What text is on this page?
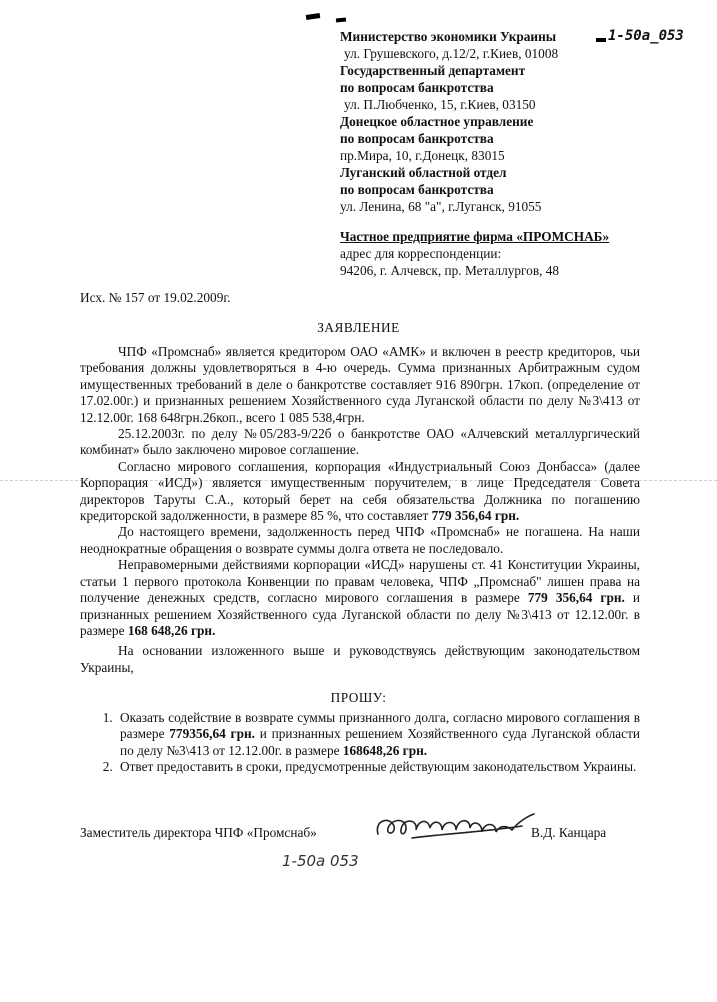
1-50а_053
Министерство экономики Украины
ул. Грушевского, д.12/2, г.Киев, 01008
Государственный департамент
по вопросам банкротства
ул. П.Любченко, 15, г.Киев, 03150
Донецкое областное управление
по вопросам банкротства
пр.Мира, 10, г.Донецк, 83015
Луганский областной отдел
по вопросам банкротства
ул. Ленина, 68 "а", г.Луганск, 91055
Частное предприятие фирма «ПРОМСНАБ»
адрес для корреспонденции:
94206, г. Алчевск, пр. Металлургов, 48
Исх. № 157 от 19.02.2009г.
ЗАЯВЛЕНИЕ

ЧПФ «Промснаб» является кредитором ОАО «АМК» и включен в реестр кредиторов, чьи требования должны удовлетворяться в 4-ю очередь. Сумма признанных Арбитражным судом имущественных требований в деле о банкротстве составляет 916 890грн. 17коп. (определение от 17.02.00г.) и признанных решением Хозяйственного суда Луганской области по делу №3\413 от 12.12.00г. 168 648грн.26коп., всего 1 085 538,4грн.

25.12.2003г. по делу №05/283-9/22б о банкротстве ОАО «Алчевский металлургический комбинат» было заключено мировое соглашение.

Согласно мирового соглашения, корпорация «Индустриальный Союз Донбасса» (далее Корпорация «ИСД») является имущественным поручителем, в лице Председателя Совета директоров Таруты С.А., который берет на себя обязательства Должника по погашению кредиторской задолженности, в размере 85 %, что составляет 779 356,64 грн.

До настоящего времени, задолженность перед ЧПФ «Промснаб» не погашена. На наши неоднократные обращения о возврате суммы долга ответа не последовало.

Неправомерными действиями корпорации «ИСД» нарушены ст. 41 Конституции Украины, статьи 1 первого протокола Конвенции по правам человека, ЧПФ „Промснаб" лишен права на получение денежных средств, согласно мирового соглашения в размере 779 356,64 грн. и признанных решением Хозяйственного суда Луганской области по делу №3\413 от 12.12.00г. в размере 168 648,26 грн.

На основании изложенного выше и руководствуясь действующим законодательством Украины,

ПРОШУ:
1. Оказать содействие в возврате суммы признанного долга, согласно мирового соглашения в размере 779356,64 грн. и признанных решением Хозяйственного суда Луганской области по делу №3\413 от 12.12.00г. в размере 168648,26 грн.
2. Ответ предоставить в сроки, предусмотренные действующим законодательством Украины.
Заместитель директора ЧПФ «Промснаб»	В.Д. Канцара
1-50а 053
